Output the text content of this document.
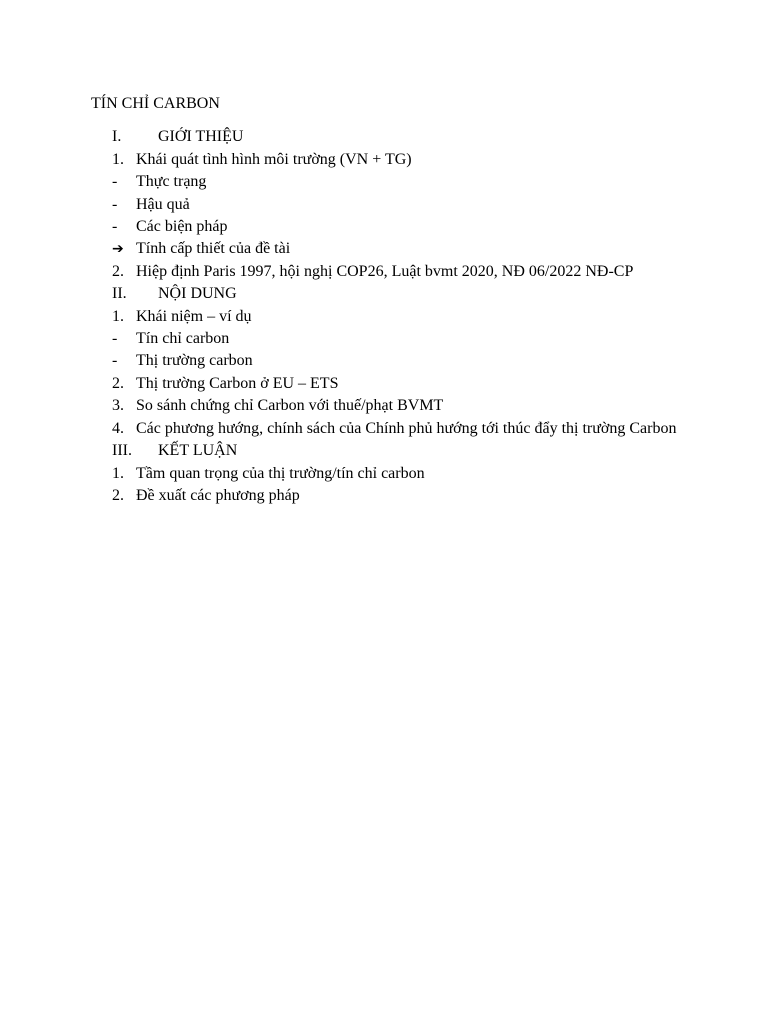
TÍN CHỈ CARBON
I.	GIỚI THIỆU
1. Khái quát tình hình môi trường (VN + TG)
-	Thực trạng
-	Hậu quả
-	Các biện pháp
➔ Tính cấp thiết của đề tài
2. Hiệp định Paris 1997, hội nghị COP26, Luật bvmt 2020, NĐ 06/2022 NĐ-CP
II.	NỘI DUNG
1. Khái niệm – ví dụ
-	Tín chỉ carbon
-	Thị trường carbon
2. Thị trường Carbon ở EU – ETS
3. So sánh chứng chỉ Carbon với thuế/phạt BVMT
4. Các phương hướng, chính sách của Chính phủ hướng tới thúc đẩy thị trường Carbon
III.	KẾT LUẬN
1. Tầm quan trọng của thị trường/tín chỉ carbon
2. Đề xuất các phương pháp
